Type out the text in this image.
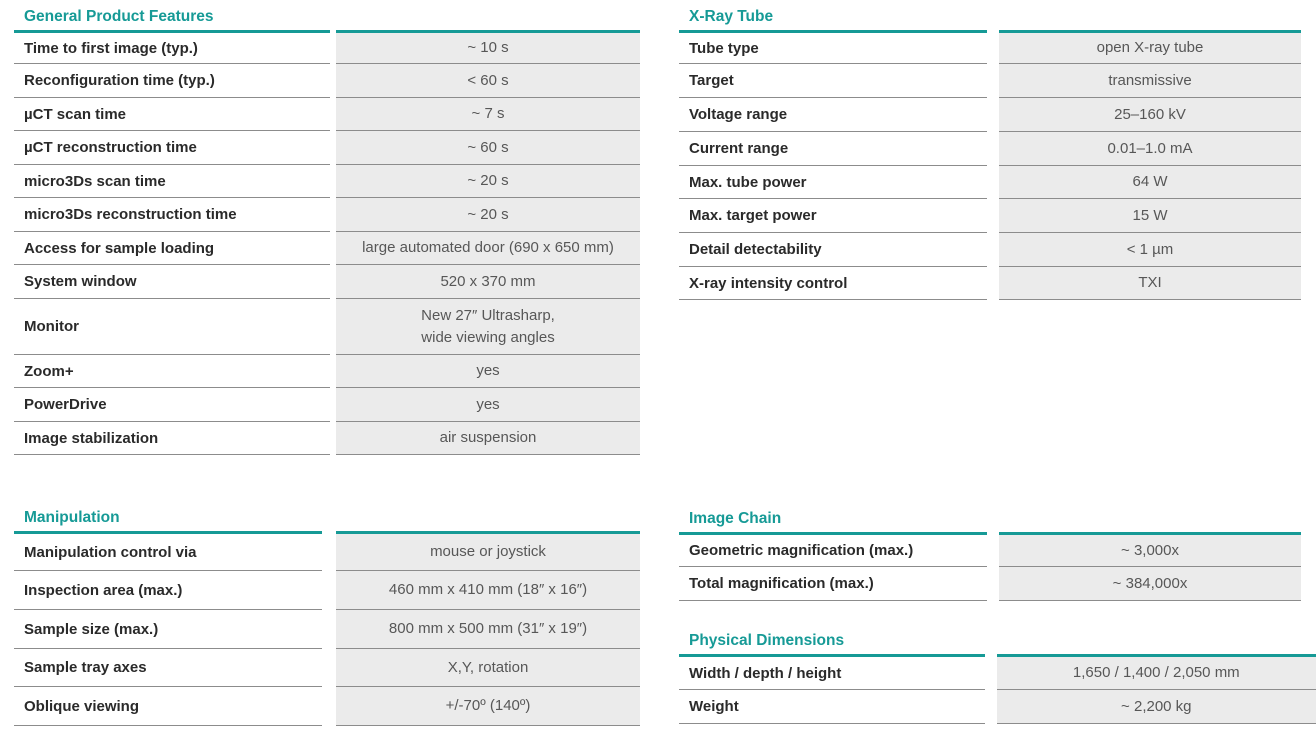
General Product Features
Time to first image (typ.)		~ 10 s
Reconfiguration time (typ.)		< 60 s
µCT scan time		~ 7 s
µCT reconstruction time		~ 60 s
micro3Ds scan time		~ 20 s
micro3Ds reconstruction time		~ 20 s
Access for sample loading		large automated door (690 x 650 mm)
System window		520 x 370 mm
Monitor		New 27″ Ultrasharp,
wide viewing angles

Zoom+		yes
PowerDrive		yes
Image stabilization		air suspension
X-Ray Tube
Tube type		open X-ray tube
Target		transmissive
Voltage range		25–160 kV
Current range		0.01–1.0 mA
Max. tube power		64 W
Max. target power		15 W
Detail detectability		< 1 µm
X-ray intensity control		TXI
Manipulation
Manipulation control via		mouse or joystick
Inspection area (max.)		460 mm x 410 mm (18″ x 16″)
Sample size (max.)		800 mm x 500 mm (31″ x 19″)
Sample tray axes		X,Y, rotation
Oblique viewing		+/-70º (140º)
Image Chain
Geometric magnification (max.)		~ 3,000x
Total magnification (max.)		~ 384,000x
Physical Dimensions
Width / depth / height		1,650 / 1,400 / 2,050 mm
Weight		~ 2,200 kg
